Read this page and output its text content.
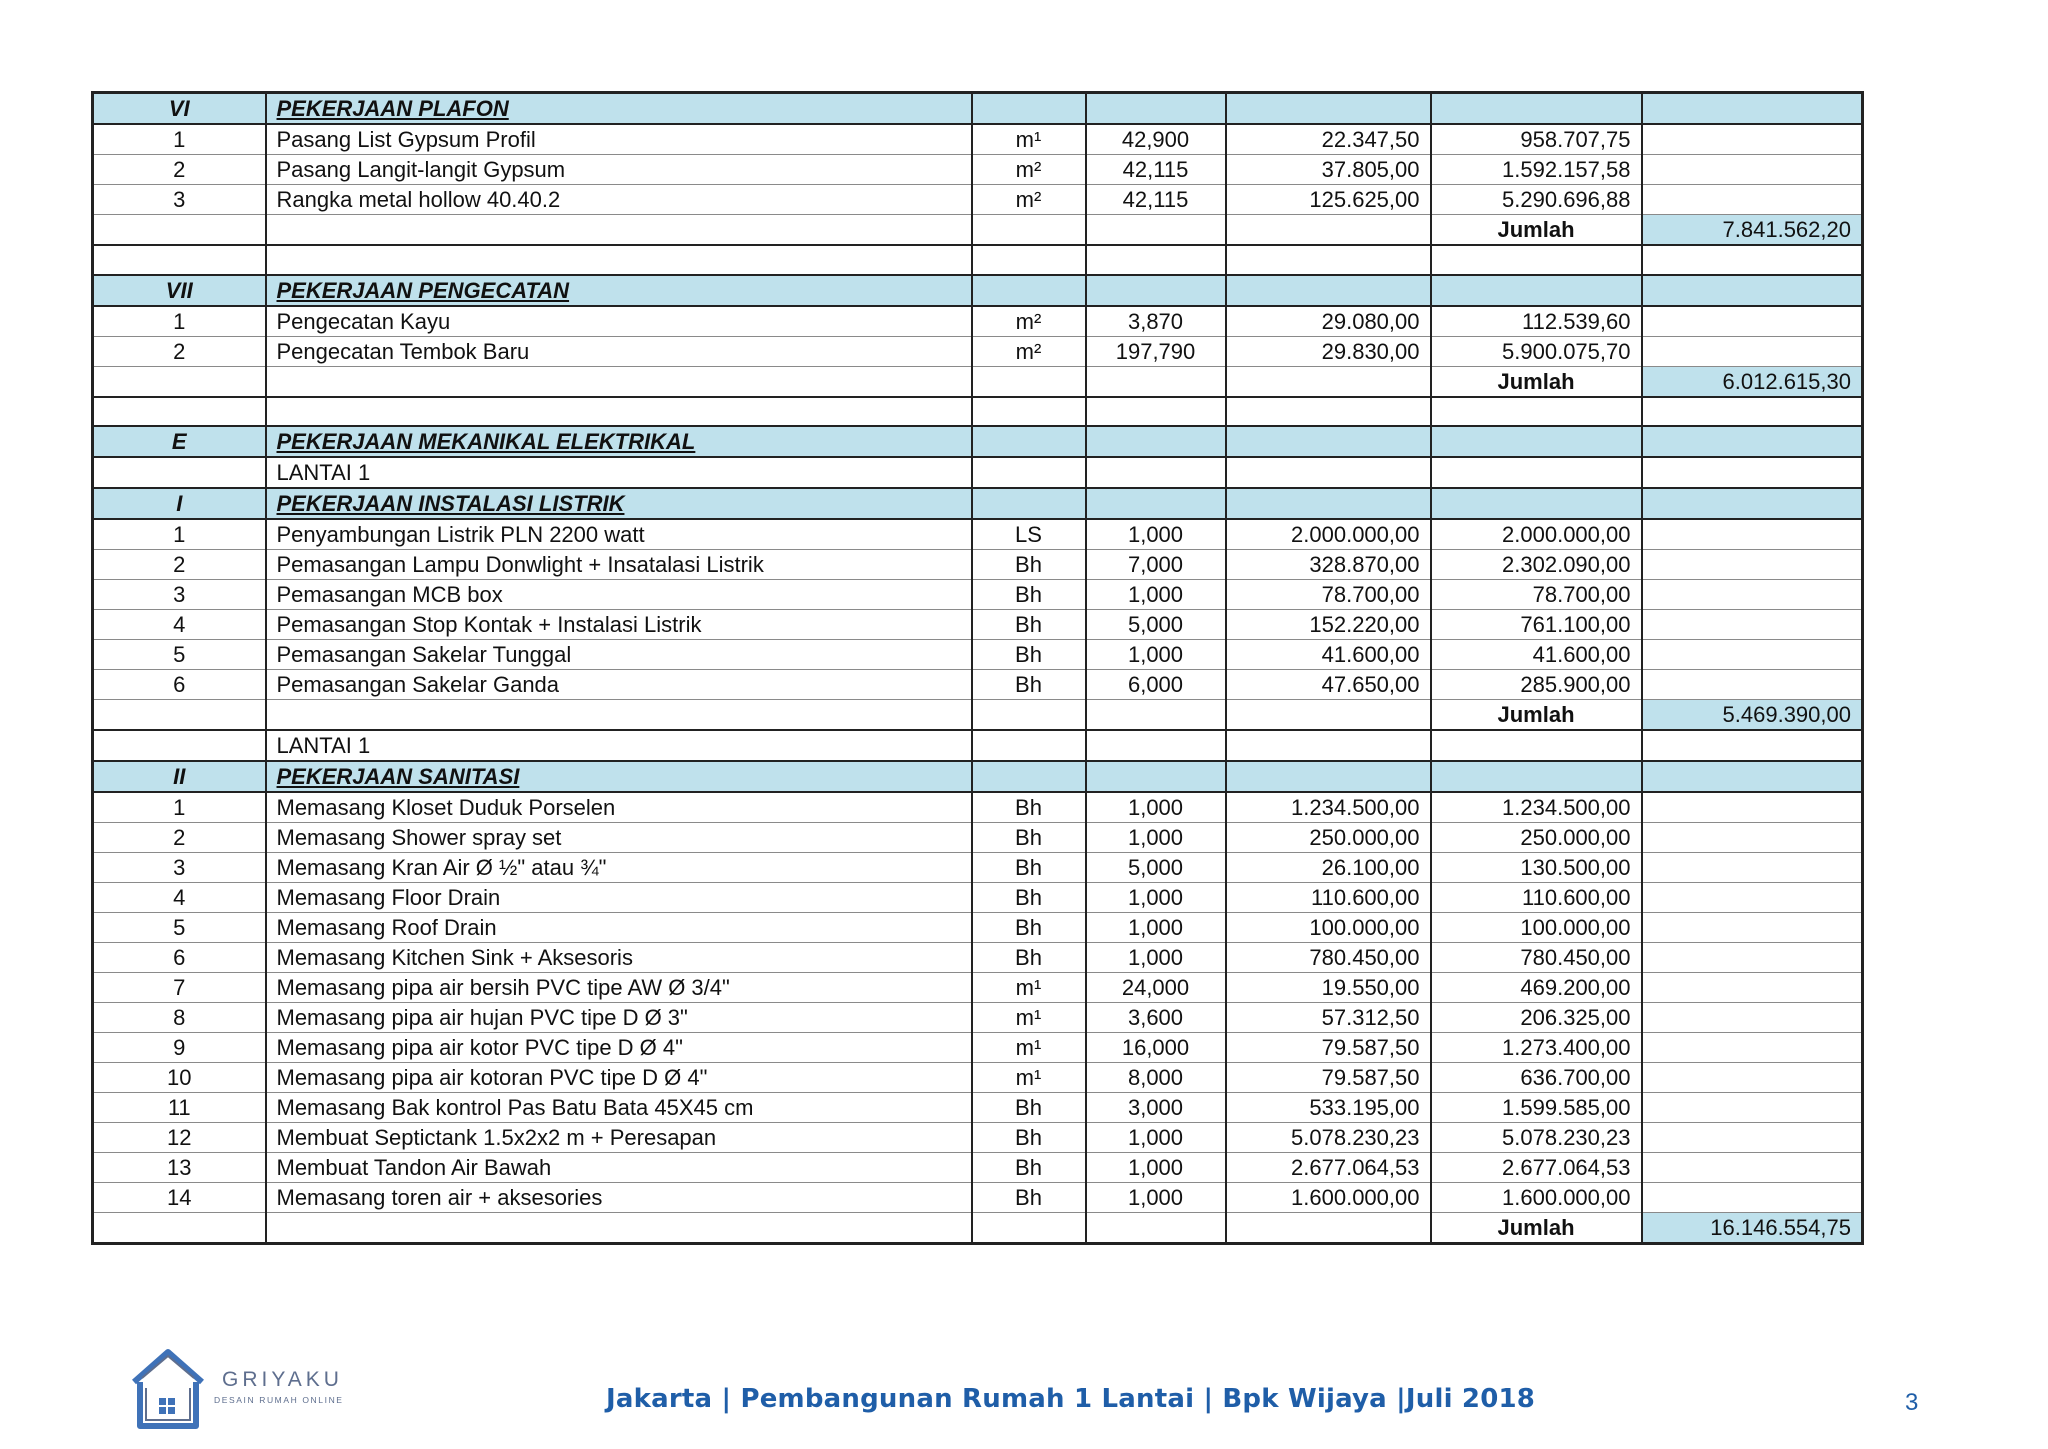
VI	PEKERJAAN PLAFON					
1	Pasang List Gypsum Profil	m¹	42,900	22.347,50	958.707,75	
2	Pasang Langit-langit Gypsum	m²	42,115	37.805,00	1.592.157,58	
3	Rangka metal hollow 40.40.2	m²	42,115	125.625,00	5.290.696,88	
					Jumlah	7.841.562,20

VII	PEKERJAAN PENGECATAN					
1	Pengecatan Kayu	m²	3,870	29.080,00	112.539,60	
2	Pengecatan Tembok Baru	m²	197,790	29.830,00	5.900.075,70	
					Jumlah	6.012.615,30

E	PEKERJAAN MEKANIKAL ELEKTRIKAL					
	LANTAI 1					
I	PEKERJAAN INSTALASI LISTRIK					
1	Penyambungan Listrik PLN 2200 watt	LS	1,000	2.000.000,00	2.000.000,00	
2	Pemasangan Lampu Donwlight + Insatalasi Listrik	Bh	7,000	328.870,00	2.302.090,00	
3	Pemasangan MCB box	Bh	1,000	78.700,00	78.700,00	
4	Pemasangan Stop Kontak + Instalasi Listrik	Bh	5,000	152.220,00	761.100,00	
5	Pemasangan Sakelar Tunggal	Bh	1,000	41.600,00	41.600,00	
6	Pemasangan Sakelar Ganda	Bh	6,000	47.650,00	285.900,00	
					Jumlah	5.469.390,00
	LANTAI 1					
II	PEKERJAAN SANITASI					
1	Memasang Kloset Duduk Porselen	Bh	1,000	1.234.500,00	1.234.500,00	
2	Memasang Shower spray set	Bh	1,000	250.000,00	250.000,00	
3	Memasang Kran Air Ø ½" atau ¾"	Bh	5,000	26.100,00	130.500,00	
4	Memasang Floor Drain	Bh	1,000	110.600,00	110.600,00	
5	Memasang Roof Drain	Bh	1,000	100.000,00	100.000,00	
6	Memasang Kitchen Sink + Aksesoris	Bh	1,000	780.450,00	780.450,00	
7	Memasang pipa air bersih PVC tipe AW Ø 3/4"	m¹	24,000	19.550,00	469.200,00	
8	Memasang pipa air hujan PVC tipe D Ø 3"	m¹	3,600	57.312,50	206.325,00	
9	Memasang pipa air kotor PVC tipe D Ø 4"	m¹	16,000	79.587,50	1.273.400,00	
10	Memasang pipa air kotoran PVC tipe D Ø 4"	m¹	8,000	79.587,50	636.700,00	
11	Memasang Bak kontrol Pas Batu Bata 45X45 cm	Bh	3,000	533.195,00	1.599.585,00	
12	Membuat Septictank 1.5x2x2 m + Peresapan	Bh	1,000	5.078.230,23	5.078.230,23	
13	Membuat Tandon Air Bawah	Bh	1,000	2.677.064,53	2.677.064,53	
14	Memasang toren air + aksesories	Bh	1,000	1.600.000,00	1.600.000,00	
					Jumlah	16.146.554,75
GRIYAKU
DESAIN RUMAH ONLINE	Jakarta | Pembangunan Rumah 1 Lantai | Bpk Wijaya |Juli 2018	3
